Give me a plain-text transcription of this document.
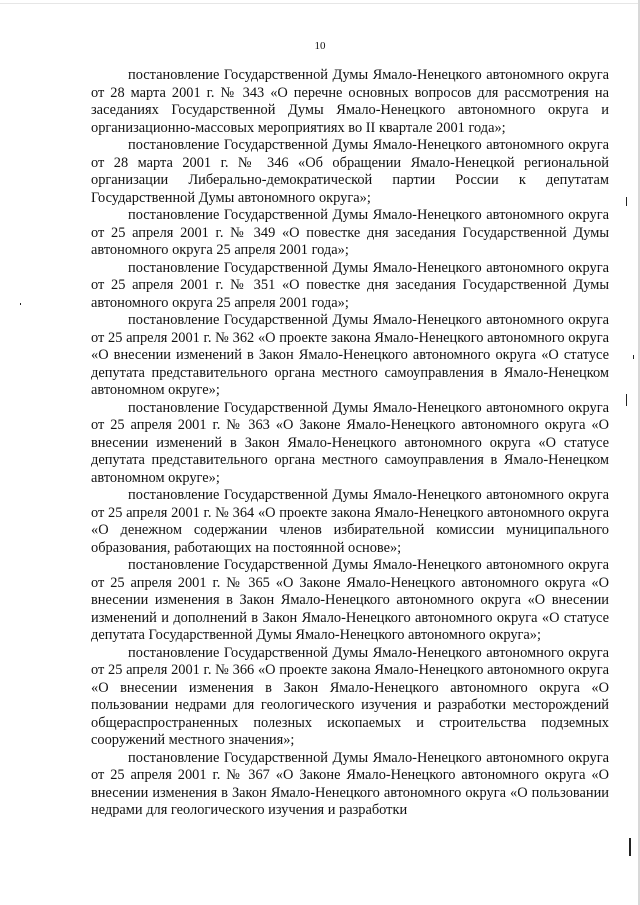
10

постановление Государственной Думы Ямало-Ненецкого автономного округа от 28 марта 2001 г. № 343 «О перечне основных вопросов для рассмотрения на заседаниях Государственной Думы Ямало-Ненецкого автономного округа и организационно-массовых мероприятиях во II квартале 2001 года»;

постановление Государственной Думы Ямало-Ненецкого автономного округа от 28 марта 2001 г. № 346 «Об обращении Ямало-Ненецкой региональной организации Либерально-демократической партии России к депутатам Государственной Думы автономного округа»;

постановление Государственной Думы Ямало-Ненецкого автономного округа от 25 апреля 2001 г. № 349 «О повестке дня заседания Государственной Думы автономного округа 25 апреля 2001 года»;

постановление Государственной Думы Ямало-Ненецкого автономного округа от 25 апреля 2001 г. № 351 «О повестке дня заседания Государственной Думы автономного округа 25 апреля 2001 года»;

постановление Государственной Думы Ямало-Ненецкого автономного округа от 25 апреля 2001 г. № 362 «О проекте закона Ямало-Ненецкого автономного округа «О внесении изменений в Закон Ямало-Ненецкого автономного округа «О статусе депутата представительного органа местного самоуправления в Ямало-Ненецком автономном округе»;

постановление Государственной Думы Ямало-Ненецкого автономного округа от 25 апреля 2001 г. № 363 «О Законе Ямало-Ненецкого автономного округа «О внесении изменений в Закон Ямало-Ненецкого автономного округа «О статусе депутата представительного органа местного самоуправления в Ямало-Ненецком автономном округе»;

постановление Государственной Думы Ямало-Ненецкого автономного округа от 25 апреля 2001 г. № 364 «О проекте закона Ямало-Ненецкого автономного округа «О денежном содержании членов избирательной комиссии муниципального образования, работающих на постоянной основе»;

постановление Государственной Думы Ямало-Ненецкого автономного округа от 25 апреля 2001 г. № 365 «О Законе Ямало-Ненецкого автономного округа «О внесении изменения в Закон Ямало-Ненецкого автономного округа «О внесении изменений и дополнений в Закон Ямало-Ненецкого автономного округа «О статусе депутата Государственной Думы Ямало-Ненецкого автономного округа»;

постановление Государственной Думы Ямало-Ненецкого автономного округа от 25 апреля 2001 г. № 366 «О проекте закона Ямало-Ненецкого автономного округа «О внесении изменения в Закон Ямало-Ненецкого автономного округа «О пользовании недрами для геологического изучения и разработки месторождений общераспространенных полезных ископаемых и строительства подземных сооружений местного значения»;

постановление Государственной Думы Ямало-Ненецкого автономного округа от 25 апреля 2001 г. № 367 «О Законе Ямало-Ненецкого автономного округа «О внесении изменения в Закон Ямало-Ненецкого автономного округа «О пользовании недрами для геологического изучения и разработки
